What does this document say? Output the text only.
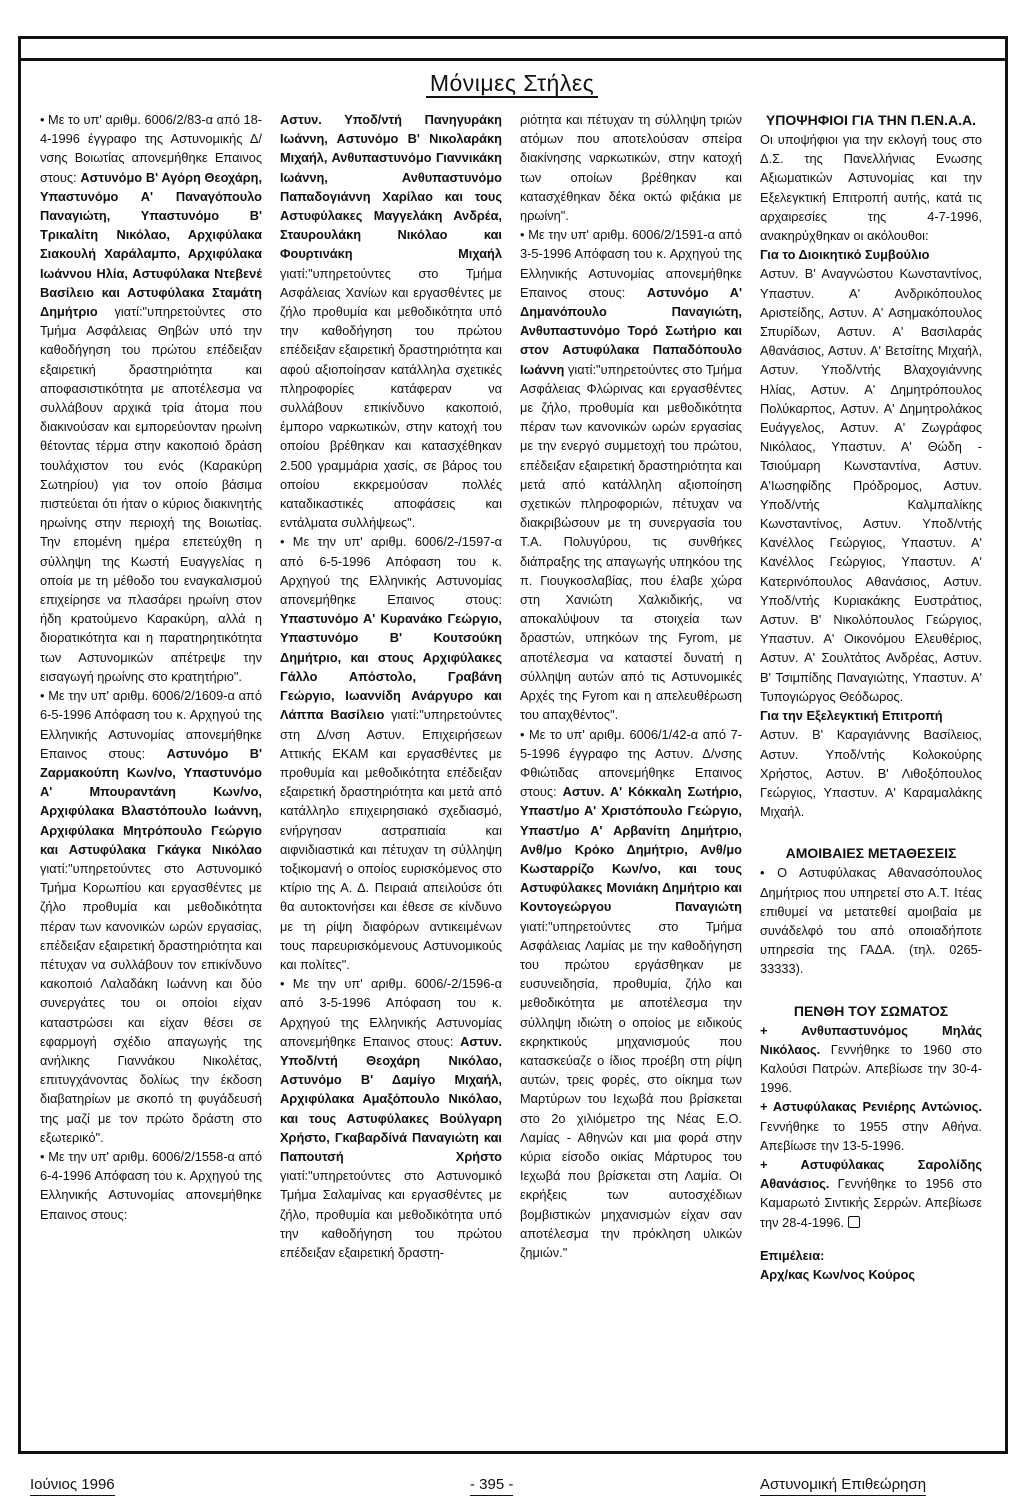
Μόνιμες Στήλες

• Με το υπ' αριθμ. 6006/2/83-α από 18-4-1996 έγγραφο της Αστυνομικής Δ/νσης Βοιωτίας απονεμήθηκε Επαινος στους: Αστυνόμο Β' Αγόρη Θεοχάρη, Υπαστυνόμο Α' Παναγόπουλο Παναγιώτη, Υπαστυνόμο Β' Τρικαλίτη Νικόλαο, Αρχιφύλακα Σιακουλή Χαράλαμπο, Αρχιφύλακα Ιωάννου Ηλία, Αστυφύλακα Ντεβενέ Βασίλειο και Αστυφύλακα Σταμάτη Δημήτριο γιατί:"υπηρετούντες στο Τμήμα Ασφάλειας Θηβών υπό την καθοδήγηση του πρώτου επέδειξαν εξαιρετική δραστηριότητα και αποφασιστικότητα με αποτέλεσμα να συλλάβουν αρχικά τρία άτομα που διακινούσαν και εμπορεύονταν ηρωίνη θέτοντας τέρμα στην κακοποιό δράση τουλάχιστον του ενός (Καρακύρη Σωτηρίου) για τον οποίο βάσιμα πιστεύεται ότι ήταν ο κύριος διακινητής ηρωίνης στην περιοχή της Βοιωτίας. Την επομένη ημέρα επετεύχθη η σύλληψη της Κωστή Ευαγγελίας η οποία με τη μέθοδο του εναγκαλισμού επιχείρησε να πλασάρει ηρωίνη στον ήδη κρατούμενο Καρακύρη, αλλά η διορατικότητα και η παρατηρητικότητα των Αστυνομικών απέτρεψε την εισαγωγή ηρωίνης στο κρατητήριο".

• Με την υπ' αριθμ. 6006/2/1609-α από 6-5-1996 Απόφαση του κ. Αρχηγού της Ελληνικής Αστυνομίας απονεμήθηκε Επαινος στους: Αστυνόμο Β' Ζαρμακούπη Κων/νο, Υπαστυνόμο Α' Μπουραντάνη Κων/νο, Αρχιφύλακα Βλαστόπουλο Ιωάννη, Αρχιφύλακα Μητρόπουλο Γεώργιο και Αστυφύλακα Γκάγκα Νικόλαο γιατί:"υπηρετούντες στο Αστυνομικό Τμήμα Κορωπίου και εργασθέντες με ζήλο προθυμία και μεθοδικότητα πέραν των κανονικών ωρών εργασίας, επέδειξαν εξαιρετική δραστηριότητα και πέτυχαν να συλλάβουν τον επικίνδυνο κακοποιό Λαλαδάκη Ιωάννη και δύο συνεργάτες του οι οποίοι είχαν καταστρώσει και είχαν θέσει σε εφαρμογή σχέδιο απαγωγής της ανήλικης Γιαννάκου Νικολέτας, επιτυγχάνοντας δολίως την έκδοση διαβατηρίων με σκοπό τη φυγάδευσή της μαζί με τον πρώτο δράστη στο εξωτερικό".

• Με την υπ' αριθμ. 6006/2/1558-α από 6-4-1996 Απόφαση του κ. Αρχηγού της Ελληνικής Αστυνομίας απονεμήθηκε Επαινος στους:

Αστυν. Υποδ/ντή Πανηγυράκη Ιωάννη, Αστυνόμο Β' Νικολαράκη Μιχαήλ, Ανθυπαστυνόμο Γιαννικάκη Ιωάννη, Ανθυπαστυνόμο Παπαδογιάννη Χαρίλαο και τους Αστυφύλακες Μαγγελάκη Ανδρέα, Σταυρουλάκη Νικόλαο και Φουρτινάκη Μιχαήλ γιατί:"υπηρετούντες στο Τμήμα Ασφάλειας Χανίων και εργασθέντες με ζήλο προθυμία και μεθοδικότητα υπό την καθοδήγηση του πρώτου επέδειξαν εξαιρετική δραστηριότητα και αφού αξιοποίησαν κατάλληλα σχετικές πληροφορίες κατάφεραν να συλλάβουν επικίνδυνο κακοποιό, έμπορο ναρκωτικών, στην κατοχή του οποίου βρέθηκαν και κατασχέθηκαν 2.500 γραμμάρια χασίς, σε βάρος του οποίου εκκρεμούσαν πολλές καταδικαστικές αποφάσεις και εντάλματα συλλήψεως".

• Με την υπ' αριθμ. 6006/2-/1597-α από 6-5-1996 Απόφαση του κ. Αρχηγού της Ελληνικής Αστυνομίας απονεμήθηκε Επαινος στους: Υπαστυνόμο Α' Κυρανάκο Γεώργιο, Υπαστυνόμο Β' Κουτσούκη Δημήτριο, και στους Αρχιφύλακες Γάλλο Απόστολο, Γραβάνη Γεώργιο, Ιωαννίδη Ανάργυρο και Λάππα Βασίλειο γιατί:"υπηρετούντες στη Δ/νση Αστυν. Επιχειρήσεων Αττικής ΕΚΑΜ και εργασθέντες με προθυμία και μεθοδικότητα επέδειξαν εξαιρετική δραστηριότητα και μετά από κατάλληλο επιχειρησιακό σχεδιασμό, ενήργησαν αστραπιαία και αιφνιδιαστικά και πέτυχαν τη σύλληψη τοξικομανή ο οποίος ευρισκόμενος στο κτίριο της Α. Δ. Πειραιά απειλούσε ότι θα αυτοκτονήσει και έθεσε σε κίνδυνο με τη ρίψη διαφόρων αντικειμένων τους παρευρισκόμενους Αστυνομικούς και πολίτες".

• Με την υπ' αριθμ. 6006/-2/1596-α από 3-5-1996 Απόφαση του κ. Αρχηγού της Ελληνικής Αστυνομίας απονεμήθηκε Επαινος στους: Αστυν. Υποδ/ντή Θεοχάρη Νικόλαο, Αστυνόμο Β' Δαμίγο Μιχαήλ, Αρχιφύλακα Αμαξόπουλο Νικόλαο, και τους Αστυφύλακες Βούλγαρη Χρήστο, Γκαβαρδίνά Παναγιώτη και Παπουτσή Χρήστο γιατί:"υπηρετούντες στο Αστυνομικό Τμήμα Σαλαμίνας και εργασθέντες με ζήλο, προθυμία και μεθοδικότητα υπό την καθοδήγηση του πρώτου επέδειξαν εξαιρετική δραστη-

ριότητα και πέτυχαν τη σύλληψη τριών ατόμων που αποτελούσαν σπείρα διακίνησης ναρκωτικών, στην κατοχή των οποίων βρέθηκαν και κατασχέθηκαν δέκα οκτώ φιξάκια με ηρωίνη".

• Με την υπ' αριθμ. 6006/2/1591-α από 3-5-1996 Απόφαση του κ. Αρχηγού της Ελληνικής Αστυνομίας απονεμήθηκε Επαινος στους: Αστυνόμο Α' Δημανόπουλο Παναγιώτη, Ανθυπαστυνόμο Τορό Σωτήριο και στον Αστυφύλακα Παπαδόπουλο Ιωάννη γιατί:"υπηρετούντες στο Τμήμα Ασφάλειας Φλώρινας και εργασθέντες με ζήλο, προθυμία και μεθοδικότητα πέραν των κανονικών ωρών εργασίας με την ενεργό συμμετοχή του πρώτου, επέδειξαν εξαιρετική δραστηριότητα και μετά από κατάλληλη αξιοποίηση σχετικών πληροφοριών, πέτυχαν να διακριβώσουν με τη συνεργασία του Τ.Α. Πολυγύρου, τις συνθήκες διάπραξης της απαγωγής υπηκόου της π. Γιουγκοσλαβίας, που έλαβε χώρα στη Χανιώτη Χαλκιδικής, να αποκαλύψουν τα στοιχεία των δραστών, υπηκόων της Fyrom, με αποτέλεσμα να καταστεί δυνατή η σύλληψη αυτών από τις Αστυνομικές Αρχές της Fyrom και η απελευθέρωση του απαχθέντος".

• Με το υπ' αριθμ. 6006/1/42-α από 7-5-1996 έγγραφο της Αστυν. Δ/νσης Φθιώτιδας απονεμήθηκε Επαινος στους: Αστυν. Α' Κόκκαλη Σωτήριο, Υπαστ/μο Α' Χριστόπουλο Γεώργιο, Υπαστ/μο Α' Αρβανίτη Δημήτριο, Ανθ/μο Κρόκο Δημήτριο, Ανθ/μο Κωσταρρίζο Κων/νο, και τους Αστυφύλακες Μονιάκη Δημήτριο και Κοντογεώργου Παναγιώτη γιατί:"υπηρετούντες στο Τμήμα Ασφάλειας Λαμίας με την καθοδήγηση του πρώτου εργάσθηκαν με ευσυνειδησία, προθυμία, ζήλο και μεθοδικότητα με αποτέλεσμα την σύλληψη ιδιώτη ο οποίος με ειδικούς εκρηκτικούς μηχανισμούς που κατασκεύαζε ο ίδιος προέβη στη ρίψη αυτών, τρεις φορές, στο οίκημα των Μαρτύρων του Ιεχωβά που βρίσκεται στο 2ο χιλιόμετρο της Νέας Ε.Ο. Λαμίας - Αθηνών και μια φορά στην κύρια είσοδο οικίας Μάρτυρος του Ιεχωβά που βρίσκεται στη Λαμία. Οι εκρήξεις των αυτοσχέδιων βομβιστικών μηχανισμών είχαν σαν αποτέλεσμα την πρόκληση υλικών ζημιών."

ΥΠΟΨΗΦΙΟΙ ΓΙΑ ΤΗΝ Π.ΕΝ.Α.Α.

Οι υποψήφιοι για την εκλογή τους στο Δ.Σ. της Πανελλήνιας Ενωσης Αξιωματικών Αστυνομίας και την Εξελεγκτική Επιτροπή αυτής, κατά τις αρχαιρεσίες της 4-7-1996, ανακηρύχθηκαν οι ακόλουθοι:

Για το Διοικητικό Συμβούλιο

Αστυν. Β' Αναγνώστου Κωνσταντίνος, Υπαστυν. Α' Ανδρικόπουλος Αριστείδης, Αστυν. Α' Ασημακόπουλος Σπυρίδων, Αστυν. Α' Βασιλαράς Αθανάσιος, Αστυν. Α' Βετσίτης Μιχαήλ, Αστυν. Υποδ/ντής Βλαχογιάννης Ηλίας, Αστυν. Α' Δημητρόπουλος Πολύκαρπος, Αστυν. Α' Δημητρολάκος Ευάγγελος, Αστυν. Α' Ζωγράφος Νικόλαος, Υπαστυν. Α' Θώδη - Τσιούμαρη Κωνσταντίνα, Αστυν. Α'Ιωσηφίδης Πρόδρομος, Αστυν. Υποδ/ντής Καλμπαλίκης Κωνσταντίνος, Αστυν. Υποδ/ντής Κανέλλος Γεώργιος, Υπαστυν. Α' Κανέλλος Γεώργιος, Υπαστυν. Α' Κατερινόπουλος Αθανάσιος, Αστυν. Υποδ/ντής Κυριακάκης Ευστράτιος, Αστυν. Β' Νικολόπουλος Γεώργιος, Υπαστυν. Α' Οικονόμου Ελευθέριος, Αστυν. Α' Σουλτάτος Ανδρέας, Αστυν. Β' Τσιμπίδης Παναγιώτης, Υπαστυν. Α' Τυπογιώργος Θεόδωρος.

Για την Εξελεγκτική Επιτροπή

Αστυν. Β' Καραγιάννης Βασίλειος, Αστυν. Υποδ/ντής Κολοκούρης Χρήστος, Αστυν. Β' Λιθοξόπουλος Γεώργιος, Υπαστυν. Α' Καραμαλάκης Μιχαήλ.

ΑΜΟΙΒΑΙΕΣ ΜΕΤΑΘΕΣΕΙΣ

• Ο Αστυφύλακας Αθανασόπουλος Δημήτριος που υπηρετεί στο Α.Τ. Ιτέας επιθυμεί να μετατεθεί αμοιβαία με συνάδελφό του από οποιαδήποτε υπηρεσία της ΓΑΔΑ. (τηλ. 0265-33333).

ΠΕΝΘΗ ΤΟΥ ΣΩΜΑΤΟΣ

+ Ανθυπαστυνόμος Μηλάς Νικόλαος. Γεννήθηκε το 1960 στο Καλούσι Πατρών. Απεβίωσε την 30-4-1996.

+ Αστυφύλακας Ρενιέρης Αντώνιος. Γεννήθηκε το 1955 στην Αθήνα. Απεβίωσε την 13-5-1996.

+ Αστυφύλακας Σαρολίδης Αθανάσιος. Γεννήθηκε το 1956 στο Καμαρωτό Σιντικής Σερρών. Απεβίωσε την 28-4-1996.

Επιμέλεια:

Αρχ/κας Κων/νος Κούρος

Ιούνιος 1996	- 395 -	Αστυνομική Επιθεώρηση
